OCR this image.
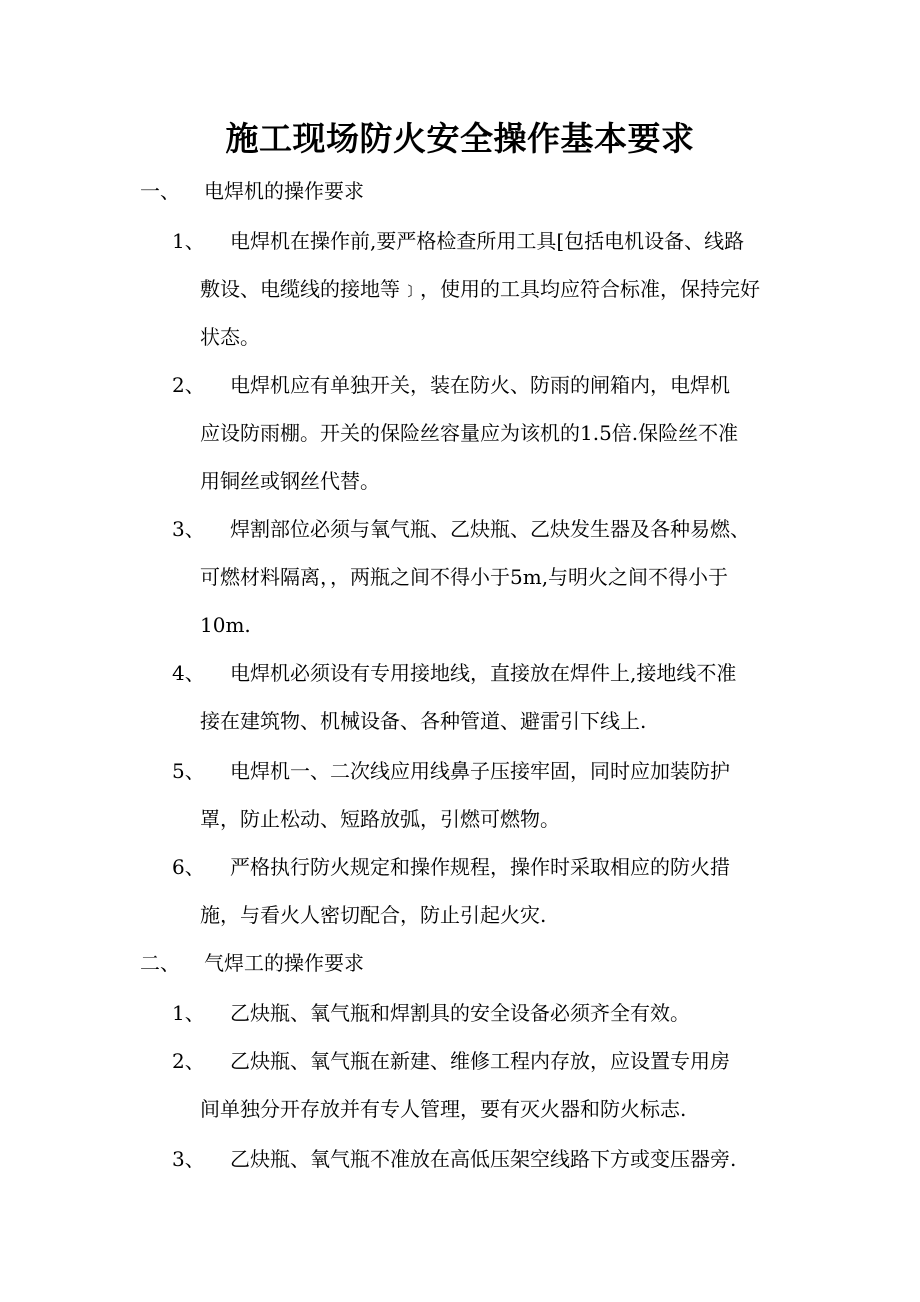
施工现场防火安全操作基本要求
一、 电焊机的操作要求
1、	电焊机在操作前,要严格检查所用工具[包括电机设备、线路
敷设、电缆线的接地等﹞，使用的工具均应符合标准，保持完好
状态。
2、	电焊机应有单独开关，装在防火、防雨的闸箱内，电焊机
应设防雨棚。开关的保险丝容量应为该机的1.5倍.保险丝不准
用铜丝或钢丝代替。
3、	焊割部位必须与氧气瓶、乙炔瓶、乙炔发生器及各种易燃、
可燃材料隔离，，两瓶之间不得小于5m,与明火之间不得小于
10m.
4、	电焊机必须设有专用接地线，直接放在焊件上,接地线不准
接在建筑物、机械设备、各种管道、避雷引下线上.
5、	电焊机一、二次线应用线鼻子压接牢固，同时应加装防护
罩，防止松动、短路放弧，引燃可燃物。
6、	严格执行防火规定和操作规程，操作时采取相应的防火措
施，与看火人密切配合，防止引起火灾.
二、 气焊工的操作要求
1、	乙炔瓶、氧气瓶和焊割具的安全设备必须齐全有效。
2、	乙炔瓶、氧气瓶在新建、维修工程内存放，应设置专用房
间单独分开存放并有专人管理，要有灭火器和防火标志.
3、	乙炔瓶、氧气瓶不准放在高低压架空线路下方或变压器旁.
